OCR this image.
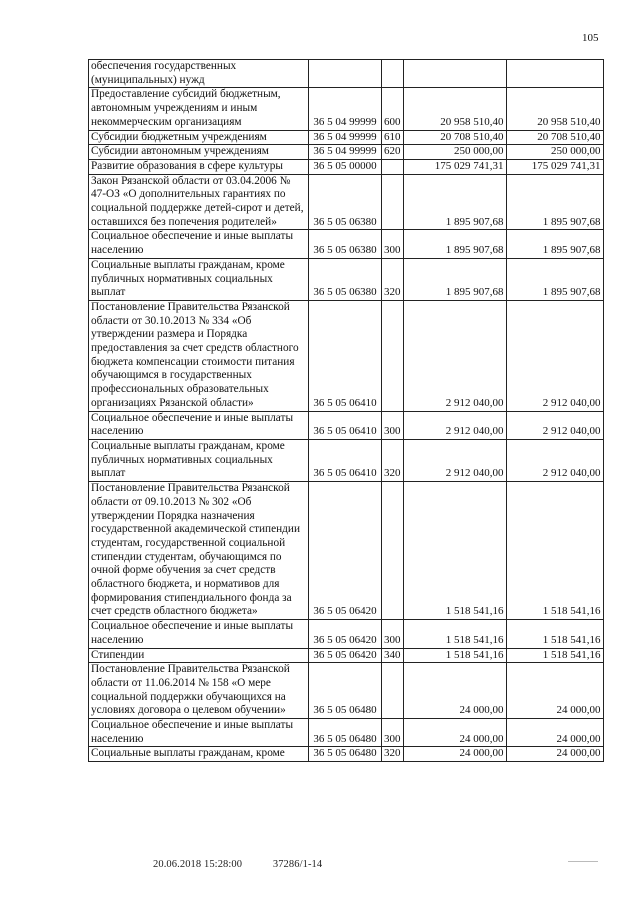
105
обеспечения государственных (муниципальных) нужд				
Предоставление субсидий бюджетным, автономным учреждениям и иным некоммерческим организациям	36 5 04 99999	600	20 958 510,40	20 958 510,40
Субсидии бюджетным учреждениям	36 5 04 99999	610	20 708 510,40	20 708 510,40
Субсидии автономным учреждениям	36 5 04 99999	620	250 000,00	250 000,00
Развитие образования в сфере культуры	36 5 05 00000		175 029 741,31	175 029 741,31
Закон Рязанской области от 03.04.2006 № 47-ОЗ «О дополнительных гарантиях по социальной поддержке детей-сирот и детей, оставшихся без попечения родителей»	36 5 05 06380		1 895 907,68	1 895 907,68
Социальное обеспечение и иные выплаты населению	36 5 05 06380	300	1 895 907,68	1 895 907,68
Социальные выплаты гражданам, кроме публичных нормативных социальных выплат	36 5 05 06380	320	1 895 907,68	1 895 907,68
Постановление Правительства Рязанской области от 30.10.2013 № 334 «Об утверждении размера и Порядка предоставления за счет средств областного бюджета компенсации стоимости питания обучающимся в государственных профессиональных образовательных организациях Рязанской области»	36 5 05 06410		2 912 040,00	2 912 040,00
Социальное обеспечение и иные выплаты населению	36 5 05 06410	300	2 912 040,00	2 912 040,00
Социальные выплаты гражданам, кроме публичных нормативных социальных выплат	36 5 05 06410	320	2 912 040,00	2 912 040,00
Постановление Правительства Рязанской области от 09.10.2013 № 302 «Об утверждении Порядка назначения государственной академической стипендии студентам, государственной социальной стипендии студентам, обучающимся по очной форме обучения за счет средств областного бюджета, и нормативов для формирования стипендиального фонда за счет средств областного бюджета»	36 5 05 06420		1 518 541,16	1 518 541,16
Социальное обеспечение и иные выплаты населению	36 5 05 06420	300	1 518 541,16	1 518 541,16
Стипендии	36 5 05 06420	340	1 518 541,16	1 518 541,16
Постановление Правительства Рязанской области от 11.06.2014 № 158 «О мере социальной поддержки обучающихся на условиях договора о целевом обучении»	36 5 05 06480		24 000,00	24 000,00
Социальное обеспечение и иные выплаты населению	36 5 05 06480	300	24 000,00	24 000,00
Социальные выплаты гражданам, кроме	36 5 05 06480	320	24 000,00	24 000,00
20.06.2018 15:28:00	37286/1-14
